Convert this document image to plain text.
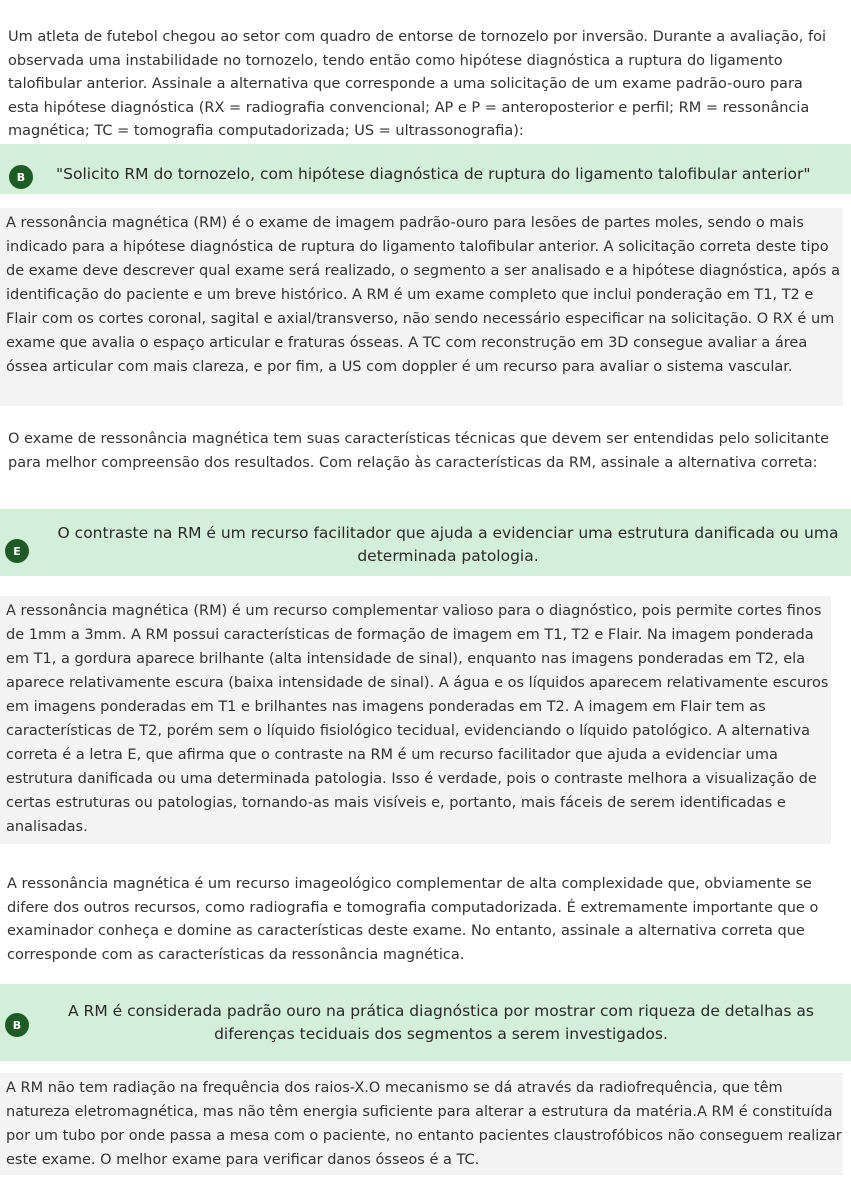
Um atleta de futebol chegou ao setor com quadro de entorse de tornozelo por inversão. Durante a avaliação, foi observada uma instabilidade no tornozelo, tendo então como hipótese diagnóstica a ruptura do ligamento talofibular anterior. Assinale a alternativa que corresponde a uma solicitação de um exame padrão-ouro para esta hipótese diagnóstica (RX = radiografia convencional; AP e P = anteroposterior e perfil; RM = ressonância magnética; TC = tomografia computadorizada; US = ultrassonografia):

B	"Solicito RM do tornozelo, com hipótese diagnóstica de ruptura do ligamento talofibular anterior"

A ressonância magnética (RM) é o exame de imagem padrão-ouro para lesões de partes moles, sendo o mais indicado para a hipótese diagnóstica de ruptura do ligamento talofibular anterior. A solicitação correta deste tipo de exame deve descrever qual exame será realizado, o segmento a ser analisado e a hipótese diagnóstica, após a identificação do paciente e um breve histórico. A RM é um exame completo que inclui ponderação em T1, T2 e Flair com os cortes coronal, sagital e axial/transverso, não sendo necessário especificar na solicitação. O RX é um exame que avalia o espaço articular e fraturas ósseas. A TC com reconstrução em 3D consegue avaliar a área óssea articular com mais clareza, e por fim, a US com doppler é um recurso para avaliar o sistema vascular.

O exame de ressonância magnética tem suas características técnicas que devem ser entendidas pelo solicitante para melhor compreensão dos resultados. Com relação às características da RM, assinale a alternativa correta:

E
O contraste na RM é um recurso facilitador que ajuda a evidenciar uma estrutura danificada ou uma determinada patologia.

A ressonância magnética (RM) é um recurso complementar valioso para o diagnóstico, pois permite cortes finos de 1mm a 3mm. A RM possui características de formação de imagem em T1, T2 e Flair. Na imagem ponderada em T1, a gordura aparece brilhante (alta intensidade de sinal), enquanto nas imagens ponderadas em T2, ela aparece relativamente escura (baixa intensidade de sinal). A água e os líquidos aparecem relativamente escuros em imagens ponderadas em T1 e brilhantes nas imagens ponderadas em T2. A imagem em Flair tem as características de T2, porém sem o líquido fisiológico tecidual, evidenciando o líquido patológico. A alternativa correta é a letra E, que afirma que o contraste na RM é um recurso facilitador que ajuda a evidenciar uma estrutura danificada ou uma determinada patologia. Isso é verdade, pois o contraste melhora a visualização de certas estruturas ou patologias, tornando-as mais visíveis e, portanto, mais fáceis de serem identificadas e analisadas.

A ressonância magnética é um recurso imageológico complementar de alta complexidade que, obviamente se difere dos outros recursos, como radiografia e tomografia computadorizada. É extremamente importante que o examinador conheça e domine as características deste exame. No entanto, assinale a alternativa correta que corresponde com as características da ressonância magnética.

B
A RM é considerada padrão ouro na prática diagnóstica por mostrar com riqueza de detalhas as diferenças teciduais dos segmentos a serem investigados.

A RM não tem radiação na frequência dos raios-X.O mecanismo se dá através da radiofrequência, que têm natureza eletromagnética, mas não têm energia suficiente para alterar a estrutura da matéria.A RM é constituída por um tubo por onde passa a mesa com o paciente, no entanto pacientes claustrofóbicos não conseguem realizar este exame. O melhor exame para verificar danos ósseos é a TC.
